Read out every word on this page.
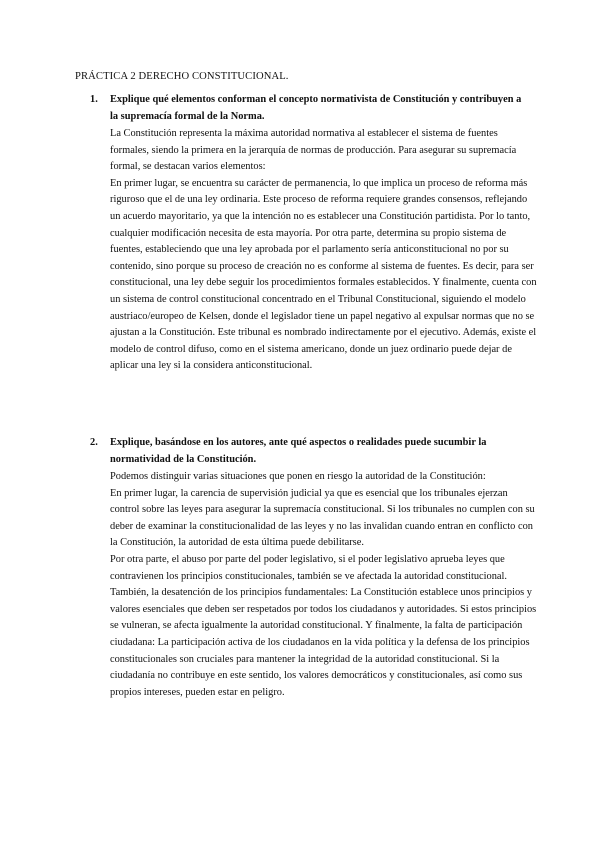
PRÁCTICA 2 DERECHO CONSTITUCIONAL.
1. Explique qué elementos conforman el concepto normativista de Constitución y contribuyen a la supremacía formal de la Norma.

La Constitución representa la máxima autoridad normativa al establecer el sistema de fuentes formales, siendo la primera en la jerarquía de normas de producción. Para asegurar su supremacía formal, se destacan varios elementos:

En primer lugar, se encuentra su carácter de permanencia, lo que implica un proceso de reforma más riguroso que el de una ley ordinaria. Este proceso de reforma requiere grandes consensos, reflejando un acuerdo mayoritario, ya que la intención no es establecer una Constitución partidista. Por lo tanto, cualquier modificación necesita de esta mayoría. Por otra parte, determina su propio sistema de fuentes, estableciendo que una ley aprobada por el parlamento sería anticonstitucional no por su contenido, sino porque su proceso de creación no es conforme al sistema de fuentes. Es decir, para ser constitucional, una ley debe seguir los procedimientos formales establecidos. Y finalmente, cuenta con un sistema de control constitucional concentrado en el Tribunal Constitucional, siguiendo el modelo austriaco/europeo de Kelsen, donde el legislador tiene un papel negativo al expulsar normas que no se ajustan a la Constitución. Este tribunal es nombrado indirectamente por el ejecutivo. Además, existe el modelo de control difuso, como en el sistema americano, donde un juez ordinario puede dejar de aplicar una ley si la considera anticonstitucional.

2. Explique, basándose en los autores, ante qué aspectos o realidades puede sucumbir la normatividad de la Constitución.

Podemos distinguir varias situaciones que ponen en riesgo la autoridad de la Constitución:

En primer lugar, la carencia de supervisión judicial ya que es esencial que los tribunales ejerzan control sobre las leyes para asegurar la supremacía constitucional. Si los tribunales no cumplen con su deber de examinar la constitucionalidad de las leyes y no las invalidan cuando entran en conflicto con la Constitución, la autoridad de esta última puede debilitarse.

Por otra parte, el abuso por parte del poder legislativo, si el poder legislativo aprueba leyes que contravienen los principios constitucionales, también se ve afectada la autoridad constitucional. También, la desatención de los principios fundamentales: La Constitución establece unos principios y valores esenciales que deben ser respetados por todos los ciudadanos y autoridades. Si estos principios se vulneran, se afecta igualmente la autoridad constitucional. Y finalmente, la falta de participación ciudadana: La participación activa de los ciudadanos en la vida política y la defensa de los principios constitucionales son cruciales para mantener la integridad de la autoridad constitucional. Si la ciudadanía no contribuye en este sentido, los valores democráticos y constitucionales, así como sus propios intereses, pueden estar en peligro.
